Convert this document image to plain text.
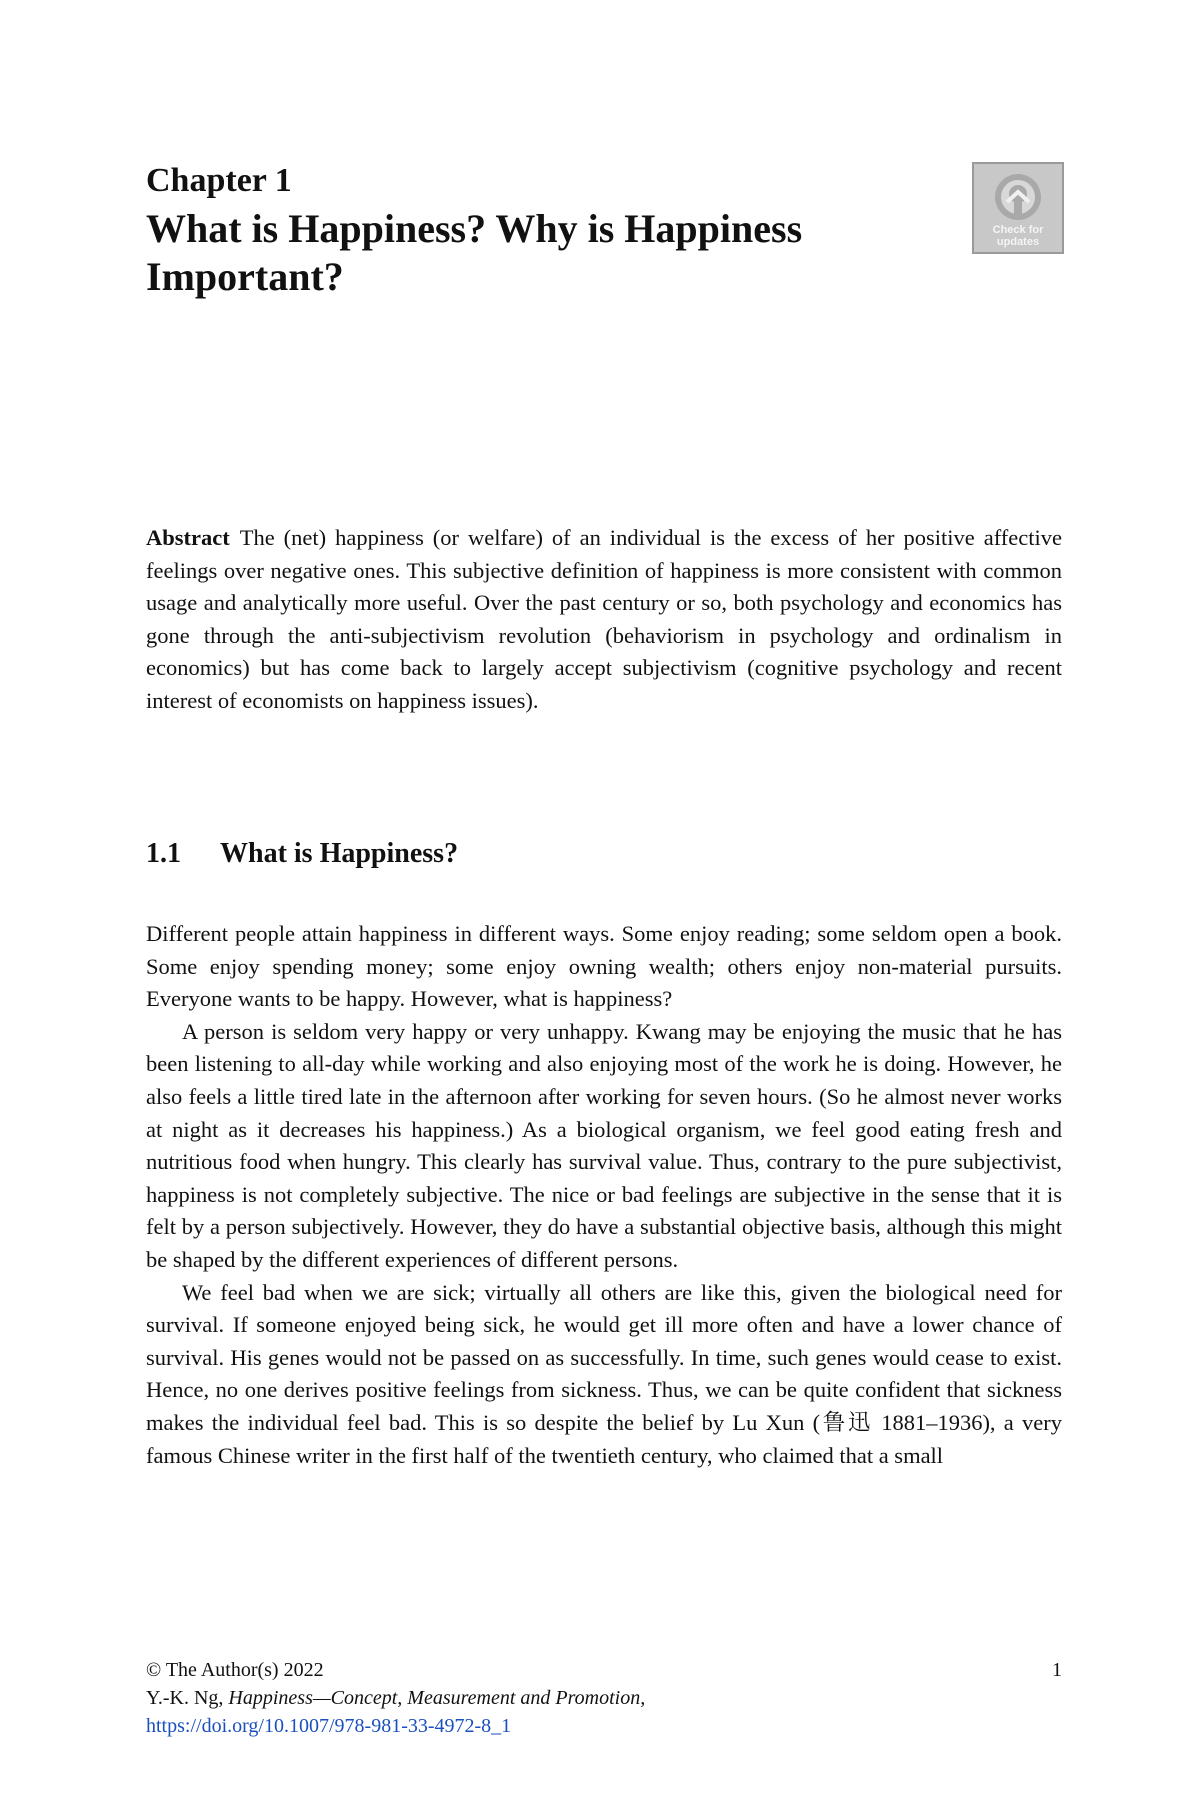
Chapter 1
What is Happiness? Why is Happiness Important?
Check for updates
Abstract The (net) happiness (or welfare) of an individual is the excess of her positive affective feelings over negative ones. This subjective definition of happiness is more consistent with common usage and analytically more useful. Over the past century or so, both psychology and economics has gone through the anti-subjectivism revolution (behaviorism in psychology and ordinalism in economics) but has come back to largely accept subjectivism (cognitive psychology and recent interest of economists on happiness issues).
1.1 What is Happiness?

Different people attain happiness in different ways. Some enjoy reading; some seldom open a book. Some enjoy spending money; some enjoy owning wealth; others enjoy non-material pursuits. Everyone wants to be happy. However, what is happiness?

A person is seldom very happy or very unhappy. Kwang may be enjoying the music that he has been listening to all-day while working and also enjoying most of the work he is doing. However, he also feels a little tired late in the afternoon after working for seven hours. (So he almost never works at night as it decreases his happiness.) As a biological organism, we feel good eating fresh and nutritious food when hungry. This clearly has survival value. Thus, contrary to the pure subjectivist, happiness is not completely subjective. The nice or bad feelings are subjective in the sense that it is felt by a person subjectively. However, they do have a substantial objective basis, although this might be shaped by the different experiences of different persons.

We feel bad when we are sick; virtually all others are like this, given the biological need for survival. If someone enjoyed being sick, he would get ill more often and have a lower chance of survival. His genes would not be passed on as successfully. In time, such genes would cease to exist. Hence, no one derives positive feelings from sickness. Thus, we can be quite confident that sickness makes the individual feel bad. This is so despite the belief by Lu Xun (鲁迅 1881–1936), a very famous Chinese writer in the first half of the twentieth century, who claimed that a small

© The Author(s) 2022
Y.-K. Ng, Happiness—Concept, Measurement and Promotion,
https://doi.org/10.1007/978-981-33-4972-8_1
1
